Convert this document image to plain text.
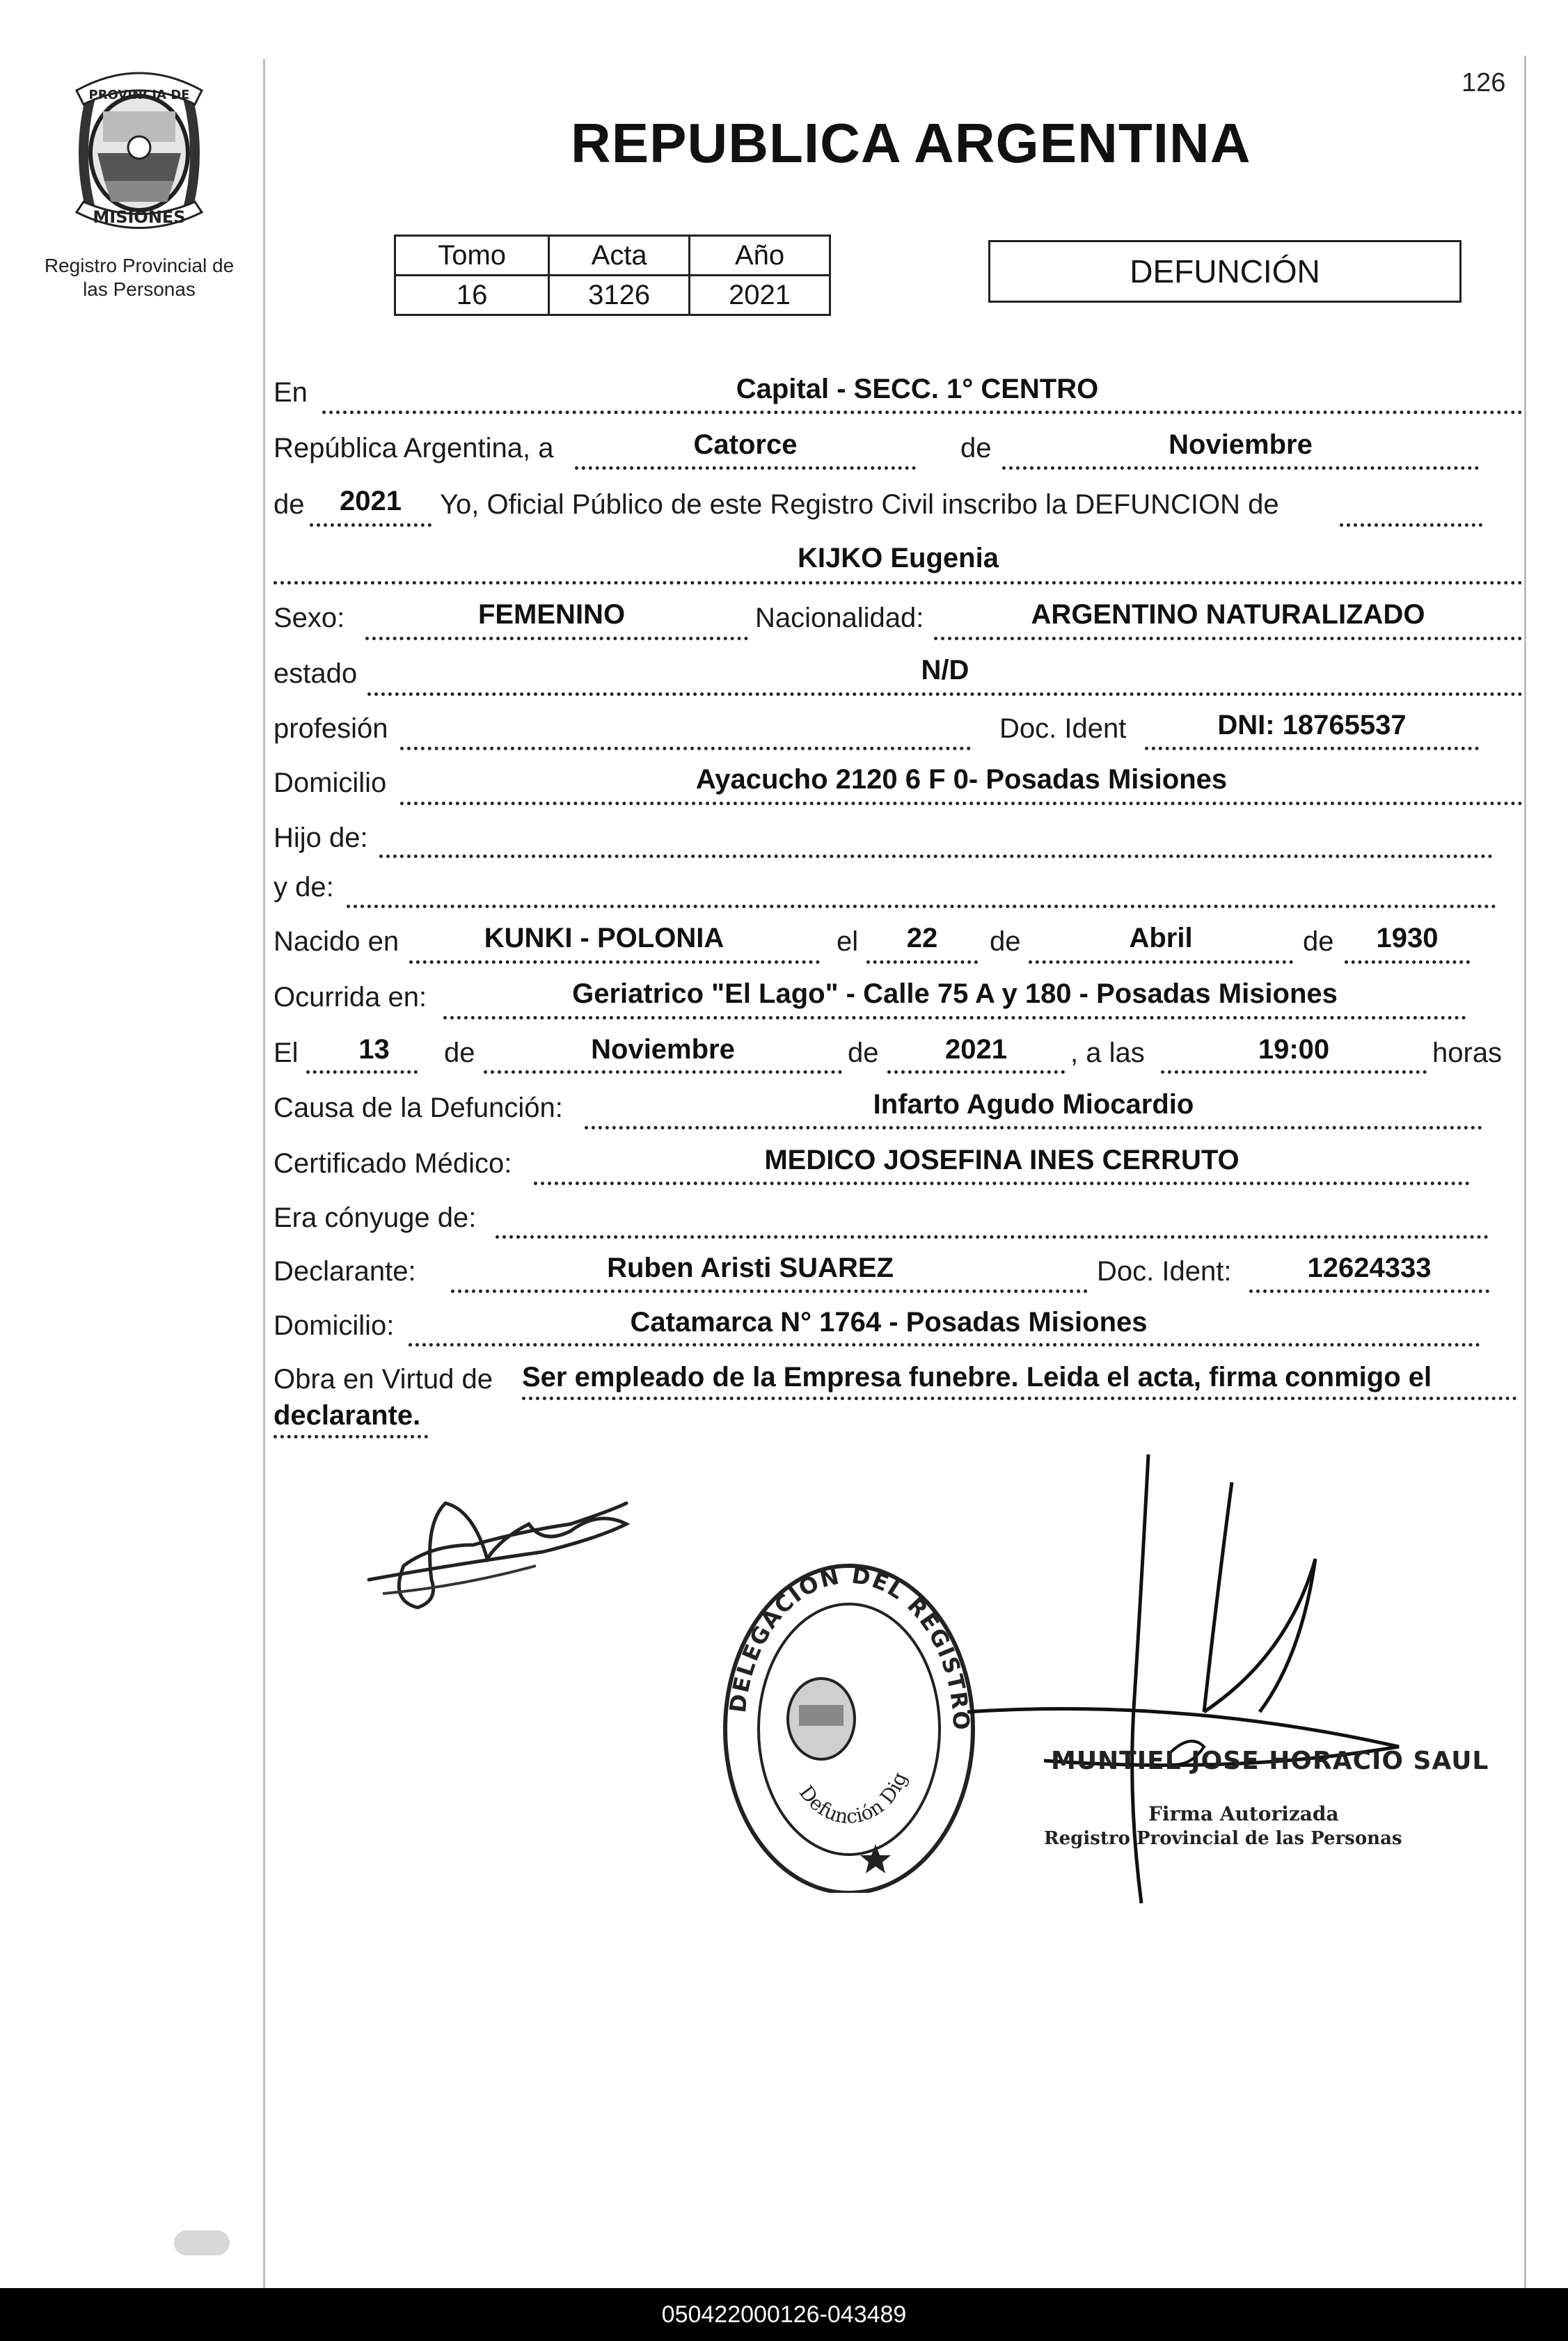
PROVINCIA DE
MISIONES
Registro Provincial de
las Personas
126
REPUBLICA ARGENTINA
Tomo	Acta	Año
16	3126	2021
DEFUNCIÓN
En	Capital - SECC. 1° CENTRO
República Argentina, a	Catorce	de	Noviembre
de	2021	Yo, Oficial Público de este Registro Civil inscribo la DEFUNCION de
KIJKO Eugenia
Sexo:	FEMENINO	Nacionalidad:	ARGENTINO NATURALIZADO
estado	N/D
profesión	Doc. Ident	DNI: 18765537
Domicilio	Ayacucho 2120 6 F 0- Posadas Misiones
Hijo de:
y de:
Nacido en	KUNKI - POLONIA	el	22	de	Abril	de	1930
Ocurrida en:	Geriatrico "El Lago" - Calle 75 A y 180 - Posadas Misiones
El	13	de	Noviembre	de	2021	, a las	19:00	horas
Causa de la Defunción:	Infarto Agudo Miocardio
Certificado Médico:	MEDICO JOSEFINA INES CERRUTO
Era cónyuge de:
Declarante:	Ruben Aristi SUAREZ	Doc. Ident:	12624333
Domicilio:	Catamarca N° 1764 - Posadas Misiones
Obra en Virtud de Ser empleado de la Empresa funebre. Leida el acta, firma conmigo el
declarante.
DELEGACION DEL REGISTRO
Defunción Dig
MUNTIEL JOSE HORACIO SAUL
Firma Autorizada
Registro Provincial de las Personas
050422000126-043489
